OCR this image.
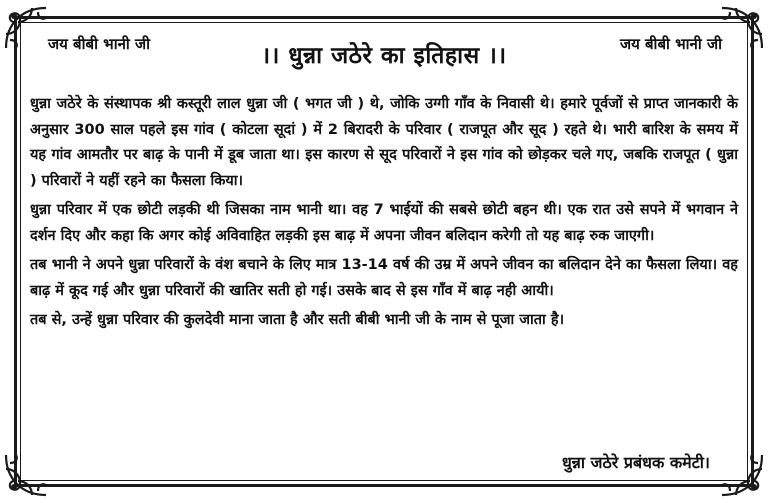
जय बीबी भानी जी	।। धुन्ना जठेरे का इतिहास ।।	जय बीबी भानी जी

धुन्ना जठेरे के संस्थापक श्री कस्तूरी लाल धुन्ना जी ( भगत जी ) थे, जोकि उग्गी गाँव के निवासी थे। हमारे पूर्वजों से प्राप्त जानकारी के अनुसार 300 साल पहले इस गांव ( कोटला सूदां ) में 2 बिरादरी के परिवार ( राजपूत और सूद ) रहते थे। भारी बारिश के समय में यह गांव आमतौर पर बाढ़ के पानी में डूब जाता था। इस कारण से सूद परिवारों ने इस गांव को छोड़कर चले गए, जबकि राजपूत ( धुन्ना ) परिवारों ने यहीं रहने का फैसला किया।

धुन्ना परिवार में एक छोटी लड़की थी जिसका नाम भानी था। वह 7 भाईयों की सबसे छोटी बहन थी। एक रात उसे सपने में भगवान ने दर्शन दिए और कहा कि अगर कोई अविवाहित लड़की इस बाढ़ में अपना जीवन बलिदान करेगी तो यह बाढ़ रुक जाएगी।

तब भानी ने अपने धुन्ना परिवारों के वंश बचाने के लिए मात्र 13-14 वर्ष की उम्र में अपने जीवन का बलिदान देने का फैसला लिया। वह बाढ़ में कूद गई और धुन्ना परिवारों की खातिर सती हो गई। उसके बाद से इस गाँव में बाढ़ नही आयी।

तब से, उन्हें धुन्ना परिवार की कुलदेवी माना जाता है और सती बीबी भानी जी के नाम से पूजा जाता है।

धुन्ना जठेरे प्रबंधक कमेटी।
